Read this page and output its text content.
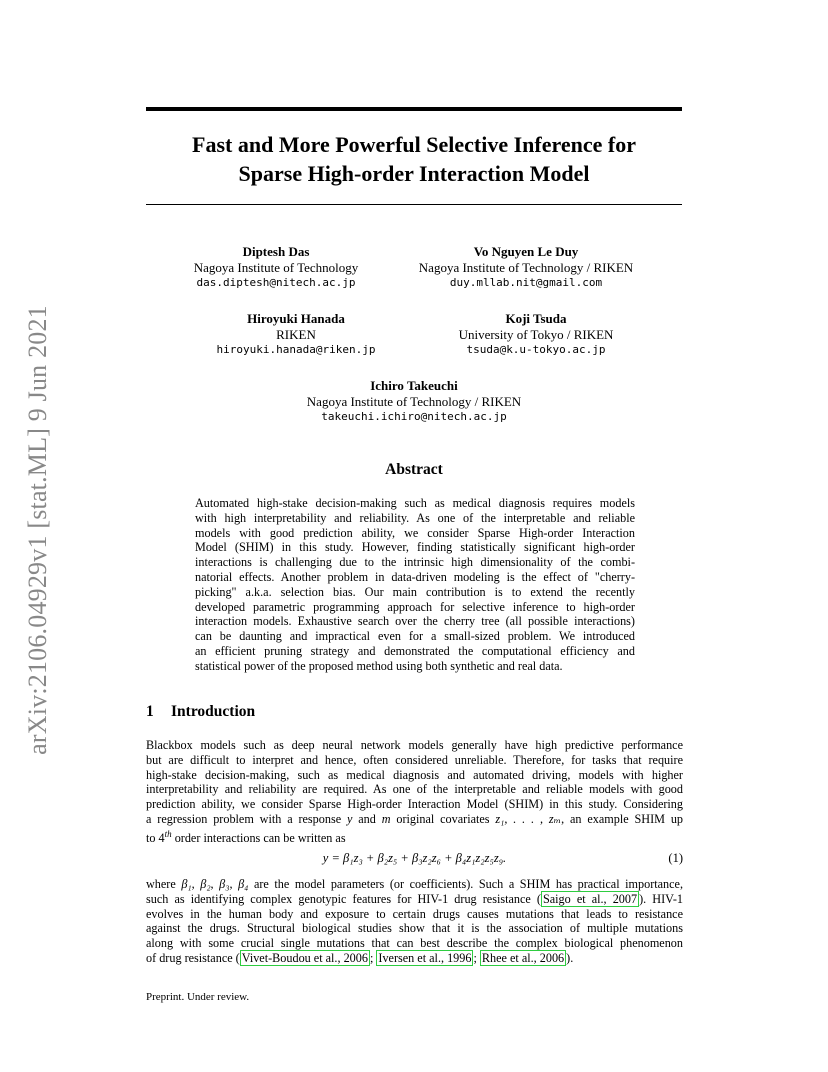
arXiv:2106.04929v1 [stat.ML] 9 Jun 2021
Fast and More Powerful Selective Inference for
Sparse High-order Interaction Model
Diptesh Das
Nagoya Institute of Technology
das.diptesh@nitech.ac.jp
Vo Nguyen Le Duy
Nagoya Institute of Technology / RIKEN
duy.mllab.nit@gmail.com
Hiroyuki Hanada
RIKEN
hiroyuki.hanada@riken.jp
Koji Tsuda
University of Tokyo / RIKEN
tsuda@k.u-tokyo.ac.jp
Ichiro Takeuchi
Nagoya Institute of Technology / RIKEN
takeuchi.ichiro@nitech.ac.jp
Abstract
Automated high-stake decision-making such as medical diagnosis requires models
with high interpretability and reliability. As one of the interpretable and reliable
models with good prediction ability, we consider Sparse High-order Interaction
Model (SHIM) in this study. However, finding statistically significant high-order
interactions is challenging due to the intrinsic high dimensionality of the combi-
natorial effects. Another problem in data-driven modeling is the effect of "cherry-
picking" a.k.a. selection bias. Our main contribution is to extend the recently
developed parametric programming approach for selective inference to high-order
interaction models. Exhaustive search over the cherry tree (all possible interactions)
can be daunting and impractical even for a small-sized problem. We introduced
an efficient pruning strategy and demonstrated the computational efficiency and
statistical power of the proposed method using both synthetic and real data.
1 Introduction
Blackbox models such as deep neural network models generally have high predictive performance
but are difficult to interpret and hence, often considered unreliable. Therefore, for tasks that require
high-stake decision-making, such as medical diagnosis and automated driving, models with higher
interpretability and reliability are required. As one of the interpretable and reliable models with good
prediction ability, we consider Sparse High-order Interaction Model (SHIM) in this study. Considering
a regression problem with a response y and m original covariates z₁, . . . , zₘ, an example SHIM up
to 4th order interactions can be written as
y = β₁z₃ + β₂z₅ + β₃z₂z₆ + β₄z₁z₂z₅z₉.	(1)
where β₁, β₂, β₃, β₄ are the model parameters (or coefficients). Such a SHIM has practical importance,
such as identifying complex genotypic features for HIV-1 drug resistance ( Saigo et al., 2007 ). HIV-1
evolves in the human body and exposure to certain drugs causes mutations that leads to resistance
against the drugs. Structural biological studies show that it is the association of multiple mutations
along with some crucial single mutations that can best describe the complex biological phenomenon
of drug resistance ( Vivet-Boudou et al., 2006 ; Iversen et al., 1996 ; Rhee et al., 2006 ).
Preprint. Under review.
